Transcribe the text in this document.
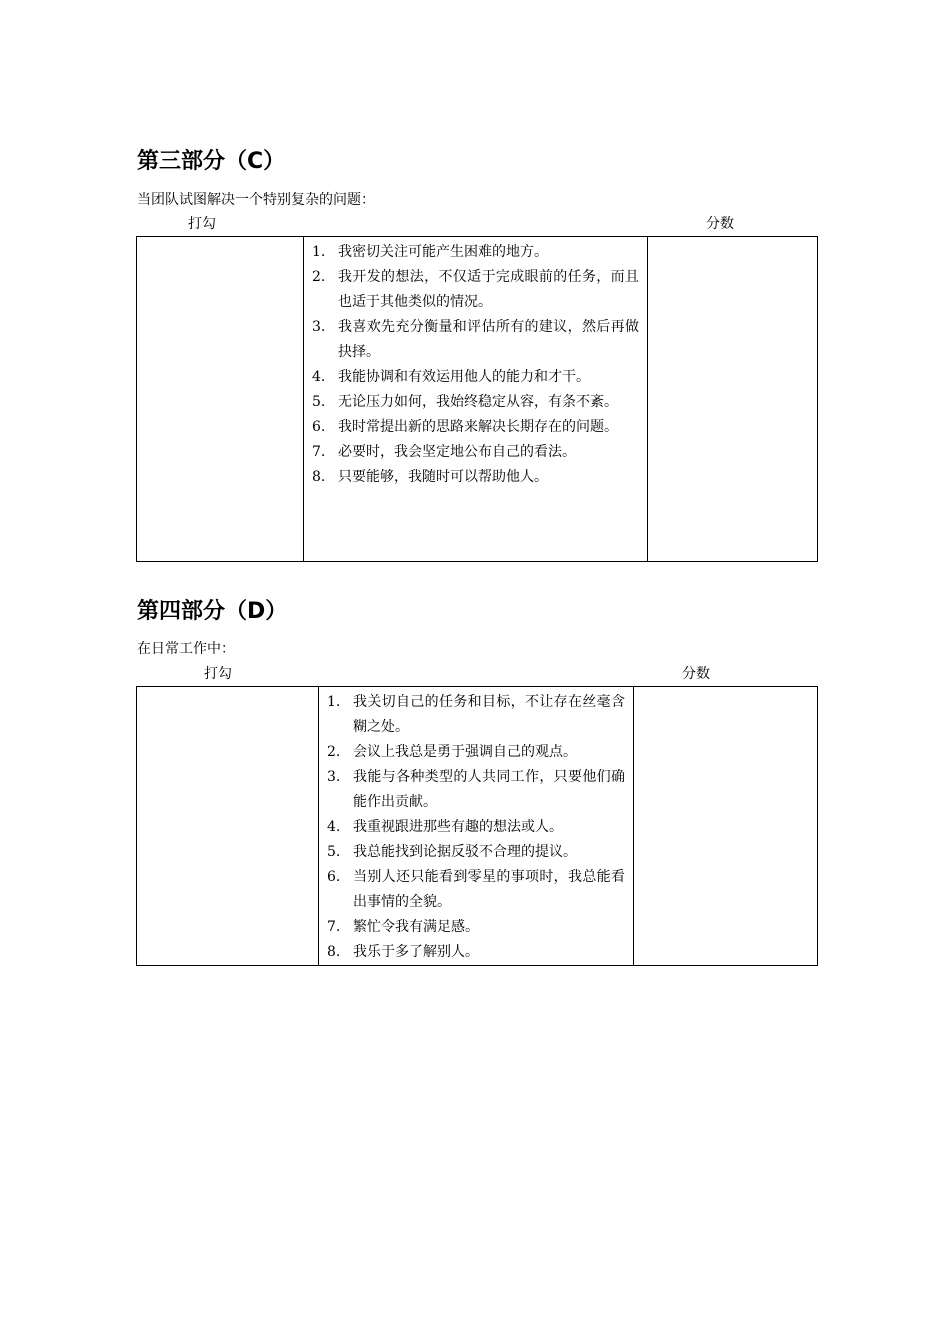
第三部分（C）
当团队试图解决一个特别复杂的问题：
打勾	分数

1. 我密切关注可能产生困难的地方。
2. 我开发的想法，不仅适于完成眼前的任务，而且也适于其他类似的情况。
3. 我喜欢先充分衡量和评估所有的建议，然后再做抉择。
4. 我能协调和有效运用他人的能力和才干。
5. 无论压力如何，我始终稳定从容，有条不紊。
6. 我时常提出新的思路来解决长期存在的问题。
7. 必要时，我会坚定地公布自己的看法。
8. 只要能够，我随时可以帮助他人。

第四部分（D）
在日常工作中：
打勾	分数

1. 我关切自己的任务和目标，不让存在丝毫含糊之处。
2. 会议上我总是勇于强调自己的观点。
3. 我能与各种类型的人共同工作，只要他们确能作出贡献。
4. 我重视跟进那些有趣的想法或人。
5. 我总能找到论据反驳不合理的提议。
6. 当别人还只能看到零星的事项时，我总能看出事情的全貌。
7. 繁忙令我有满足感。
8. 我乐于多了解别人。
